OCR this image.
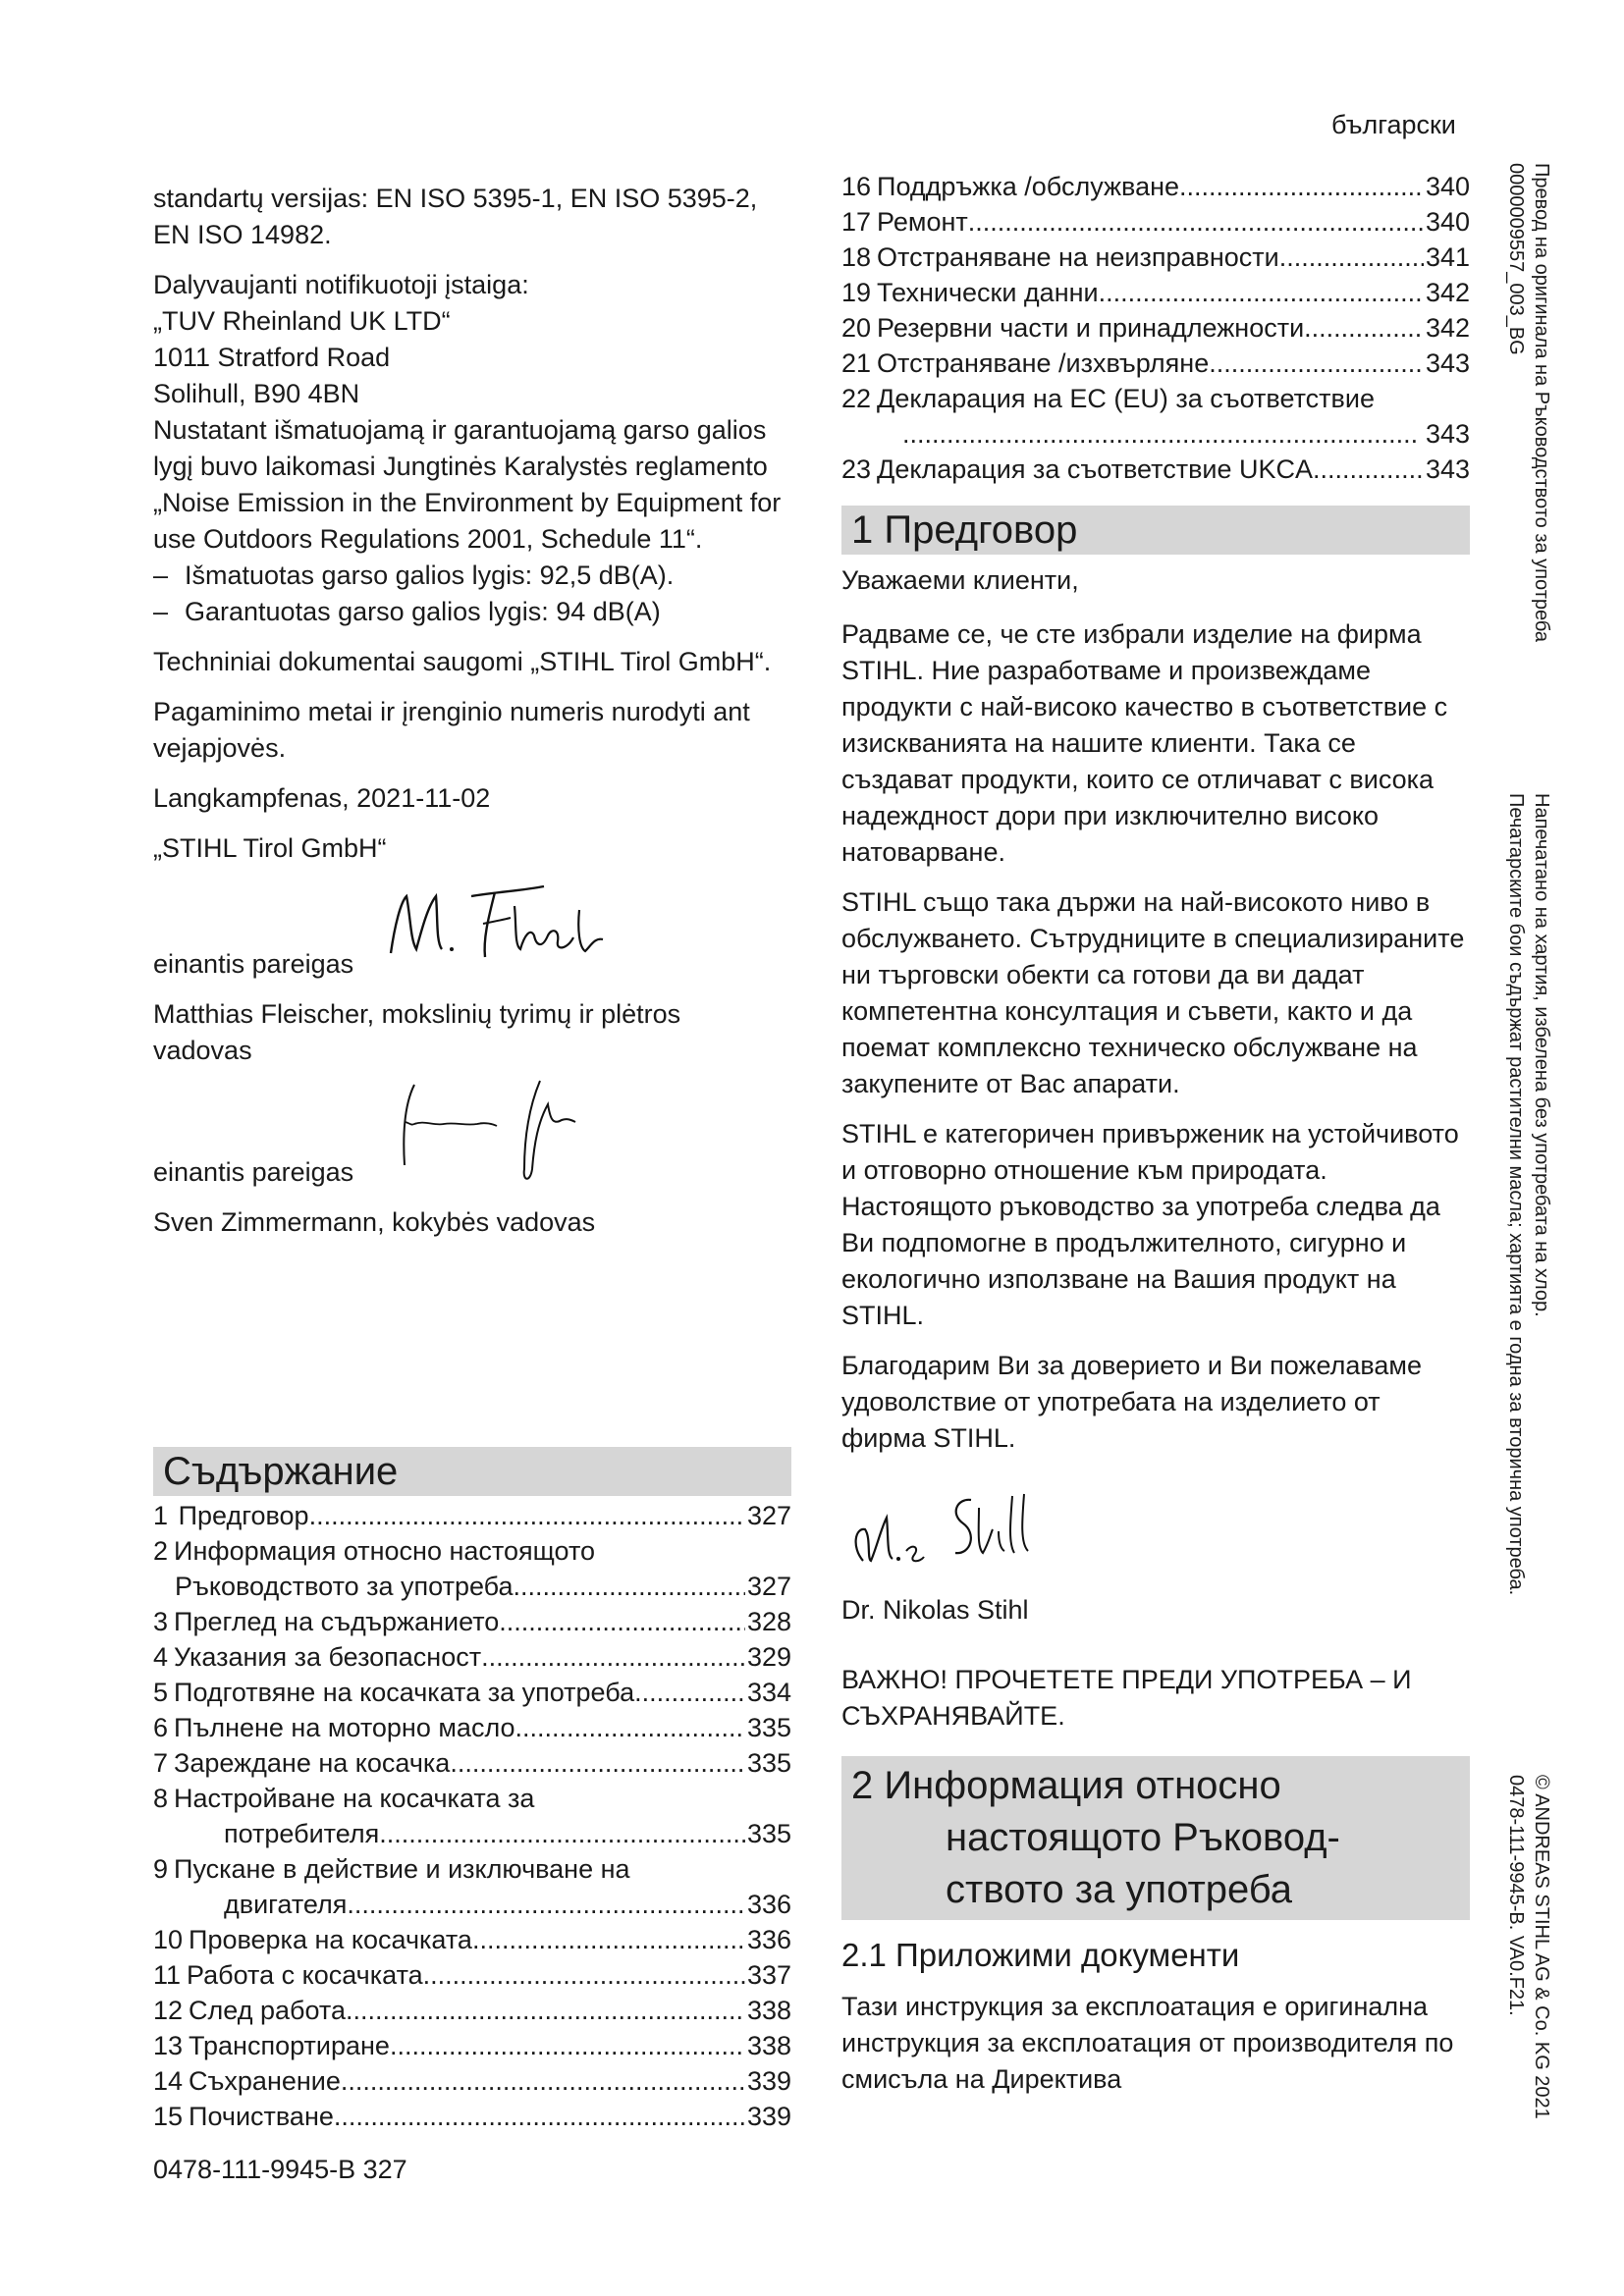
български

standartų versijas: EN ISO 5395-1, EN ISO 5395-2, EN ISO 14982.

Dalyvaujanti notifikuotoji įstaiga:

„TUV Rheinland UK LTD“

1011 Stratford Road

Solihull, B90 4BN

Nustatant išmatuojamą ir garantuojamą garso galios lygį buvo laikomasi Jungtinės Karalystės reglamento „Noise Emission in the Environment by Equipment for use Outdoors Regulations 2001, Schedule 11“.

– Išmatuotas garso galios lygis: 92,5 dB(A).
– Garantuotas garso galios lygis: 94 dB(A)

Techniniai dokumentai saugomi „STIHL Tirol GmbH“.

Pagaminimo metai ir įrenginio numeris nurodyti ant vejapjovės.

Langkampfenas, 2021-11-02

„STIHL Tirol GmbH“

einantis pareigas

Matthias Fleischer, mokslinių tyrimų ir plėtros vadovas

einantis pareigas

Sven Zimmermann, kokybės vadovas

Съдържание
1 Предговор .....	327
2 Информация относно настоящото
Ръководството за употреба .....	327
3 Преглед на съдържанието .....	328
4 Указания за безопасност .....	329
5 Подготвяне на косачката за употреба .....	334
6 Пълнене на моторно масло .....	335
7 Зареждане на косачка .....	335
8 Настройване на косачката за
потребителя .....	335
9 Пускане в действие и изключване на
двигателя .....	336
10 Проверка на косачката .....	336
11 Работа с косачката .....	337
12 След работа .....	338
13 Транспортиране .....	338
14 Съхранение .....	339
15 Почистване .....	339
16 Поддръжка /обслужване .....	340
17 Ремонт .....	340
18 Отстраняване на неизправности .....	341
19 Технически данни .....	342
20 Резервни части и принадлежности .....	342
21 Отстраняване /изхвърляне .....	343
22 Декларация на ЕС (EU) за съответствие
.....
343
23 Декларация за съответствие UKCA .....	343
1 Предговор

Уважаеми клиенти,

Радваме се, че сте избрали изделие на фирма STIHL. Ние разработваме и произвеждаме продукти с най-високо качество в съответствие с изискванията на нашите клиенти. Така се създават продукти, които се отличават с висока надеждност дори при изключително високо натоварване.

STIHL също така държи на най-високото ниво в обслужването. Сътрудниците в специализираните ни търговски обекти са готови да ви дадат компетентна консултация и съвети, както и да поемат комплексно техническо обслужване на закупените от Вас апарати.

STIHL е категоричен привърженик на устойчивото и отговорно отношение към природата. Настоящото ръководство за употреба следва да Ви подпомогне в продължителното, сигурно и екологично използване на Вашия продукт на STIHL.

Благодарим Ви за доверието и Ви пожелаваме удоволствие от употребата на изделието от фирма STIHL.

Dr. Nikolas Stihl

ВАЖНО! ПРОЧЕТЕТЕ ПРЕДИ УПОТРЕБА – И СЪХРАНЯВАЙТЕ.

2 Информация относно
настоящото Ръковод-
ството за употреба
2.1 Приложими документи

Тази инструкция за експлоатация е оригинална инструкция за експлоатация от производителя по смисъла на Директива

Превод на оригинала на Ръководството за употреба
0000009557_003_BG
Напечатано на хартия, избелена без употребата на хлор.
Печатарските бои съдържат растителни масла; хартията е годна за вторична употреба.
© ANDREAS STIHL AG & Co. KG 2021
0478-111-9945-B. VA0.F21.
0478-111-9945-B 327
